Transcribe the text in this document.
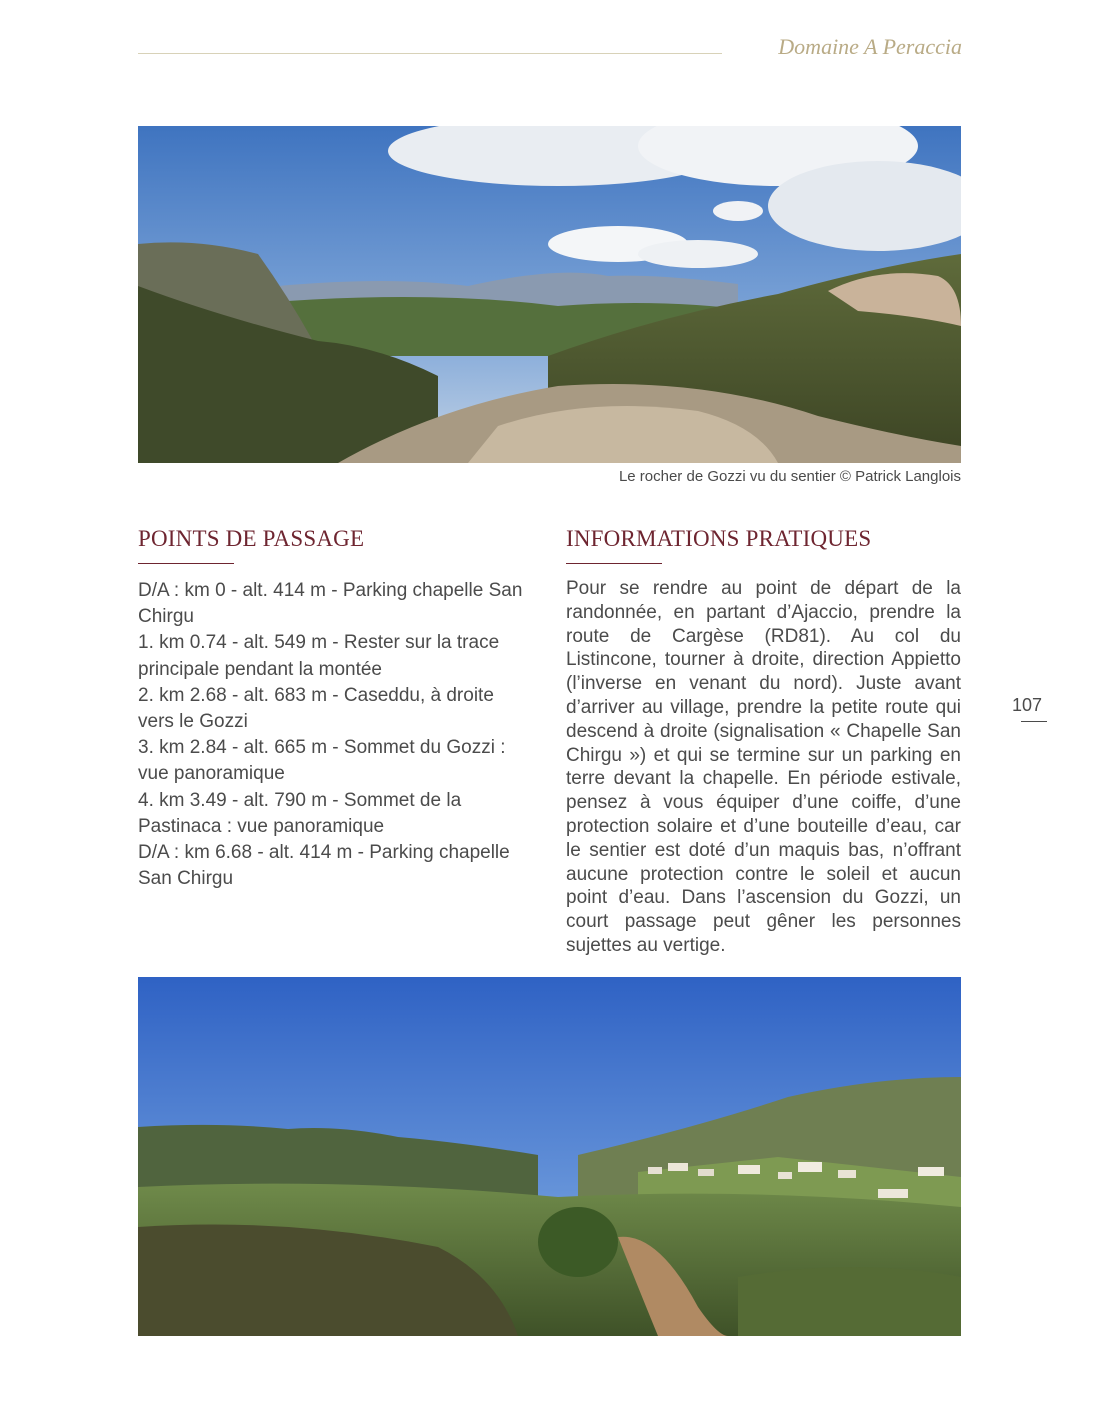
Domaine A Peraccia
Le rocher de Gozzi vu du sentier © Patrick Langlois
POINTS DE PASSAGE
D/A : km 0 - alt. 414 m - Parking chapelle San Chirgu
1. km 0.74 - alt. 549 m - Rester sur la trace principale pendant la montée
2. km 2.68 - alt. 683 m - Caseddu, à droite vers le Gozzi
3. km 2.84 - alt. 665 m - Sommet du Gozzi : vue panoramique
4. km 3.49 - alt. 790 m - Sommet de la Pastinaca : vue panoramique
D/A : km 6.68 - alt. 414 m - Parking chapelle San Chirgu
INFORMATIONS PRATIQUES

Pour se rendre au point de départ de la randonnée, en partant d’Ajaccio, prendre la route de Cargèse (RD81). Au col du Listincone, tourner à droite, direction Appietto (l’inverse en venant du nord). Juste avant d’arriver au village, prendre la petite route qui descend à droite (signalisation « Chapelle San Chirgu ») et qui se termine sur un parking en terre devant la chapelle. En période estivale, pensez à vous équiper d’une coiffe, d’une protection solaire et d’une bouteille d’eau, car le sentier est doté d’un maquis bas, n’offrant aucune protection contre le soleil et aucun point d’eau. Dans l’ascension du Gozzi, un court passage peut gêner les personnes sujettes au vertige.

107
